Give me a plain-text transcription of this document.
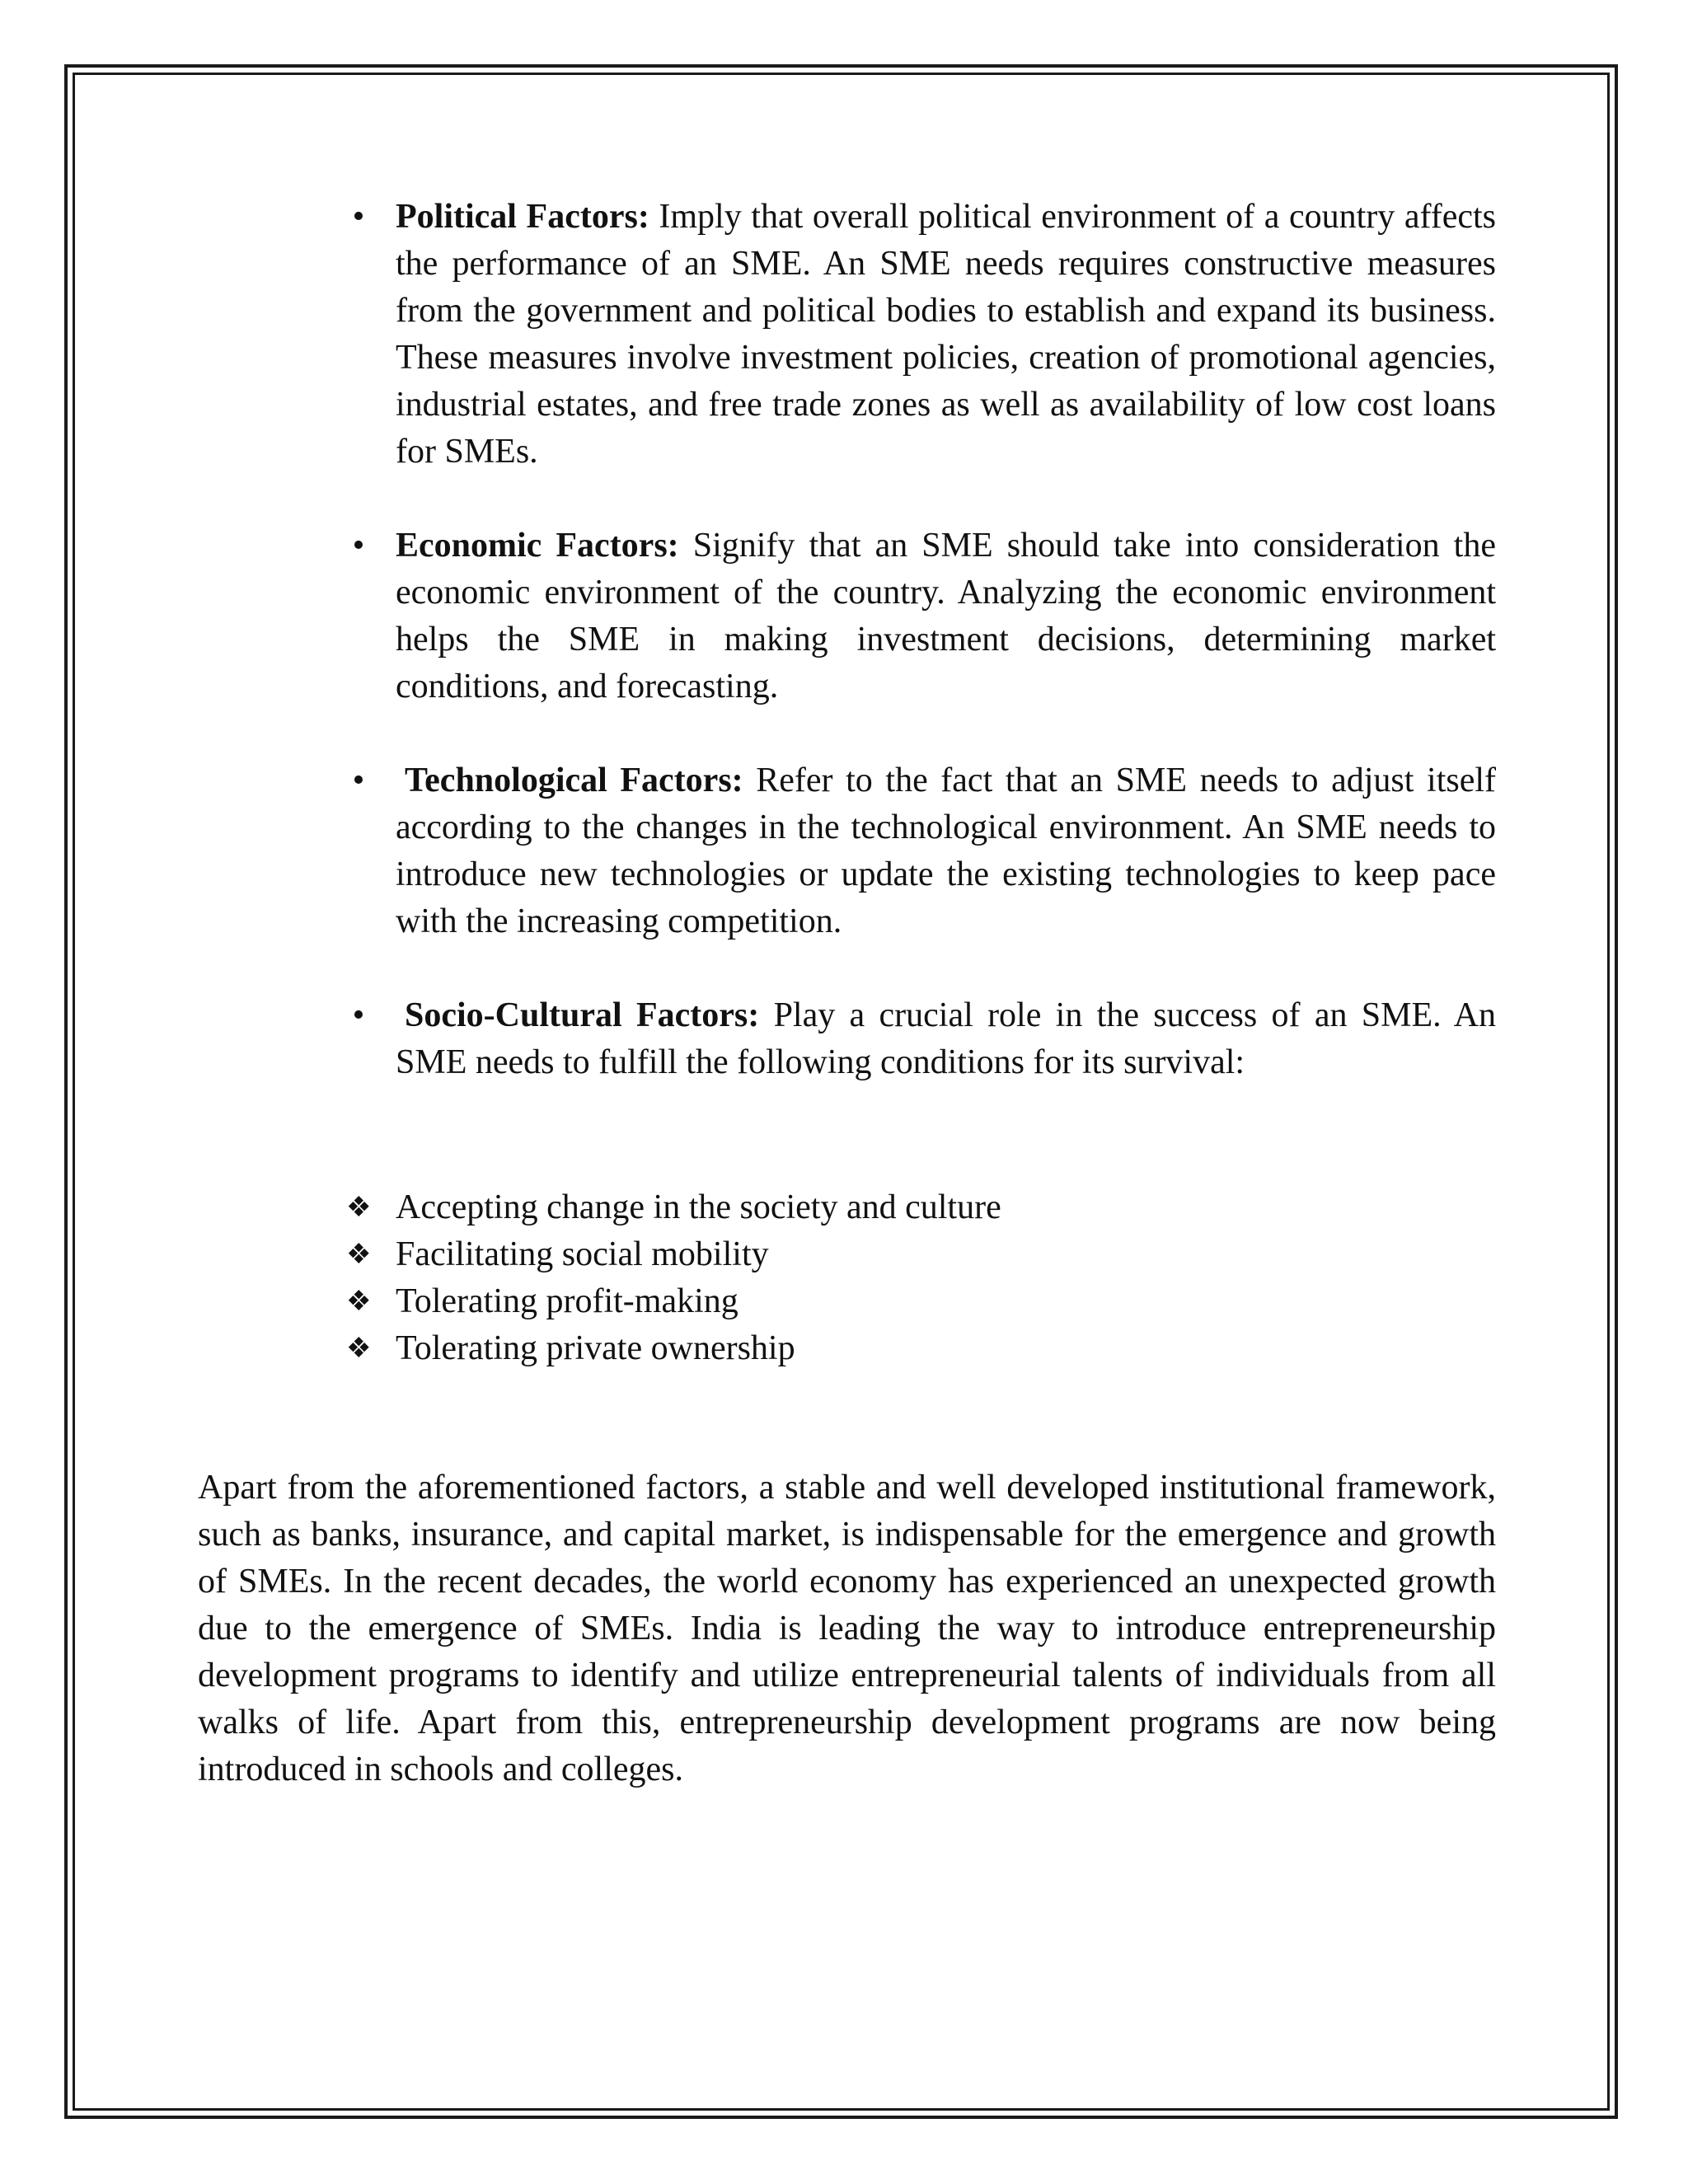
• Political Factors: Imply that overall political environment of a country affects the performance of an SME. An SME needs requires constructive measures from the government and political bodies to establish and expand its business. These measures involve investment policies, creation of promotional agencies, industrial estates, and free trade zones as well as availability of low cost loans for SMEs.
• Economic Factors: Signify that an SME should take into consideration the economic environment of the country. Analyzing the economic environment helps the SME in making investment decisions, determining market conditions, and forecasting.
• Technological Factors: Refer to the fact that an SME needs to adjust itself according to the changes in the technological environment. An SME needs to introduce new technologies or update the existing technologies to keep pace with the increasing competition.
• Socio-Cultural Factors: Play a crucial role in the success of an SME. An SME needs to fulfill the following conditions for its survival:
❖ Accepting change in the society and culture
❖ Facilitating social mobility
❖ Tolerating profit-making
❖ Tolerating private ownership

Apart from the aforementioned factors, a stable and well developed institutional framework, such as banks, insurance, and capital market, is indispensable for the emergence and growth of SMEs. In the recent decades, the world economy has experienced an unexpected growth due to the emergence of SMEs. India is leading the way to introduce entrepreneurship development programs to identify and utilize entrepreneurial talents of individuals from all walks of life. Apart from this, entrepreneurship development programs are now being introduced in schools and colleges.
